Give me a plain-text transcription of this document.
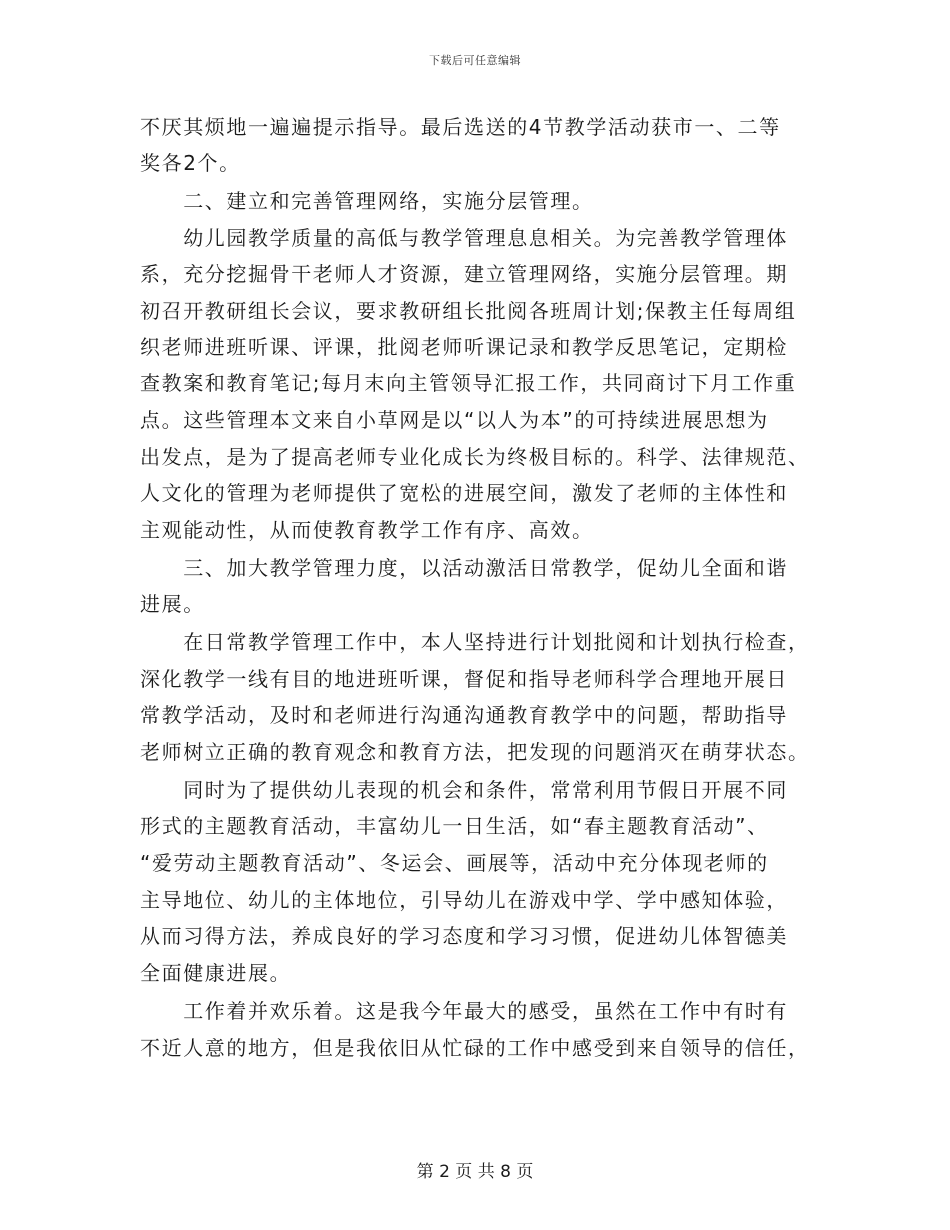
下载后可任意编辑
不厌其烦地一遍遍提示指导。最后选送的4节教学活动获市一、二等
奖各2个。
　　二、建立和完善管理网络，实施分层管理。
　　幼儿园教学质量的高低与教学管理息息相关。为完善教学管理体
系，充分挖掘骨干老师人才资源，建立管理网络，实施分层管理。期
初召开教研组长会议，要求教研组长批阅各班周计划;保教主任每周组
织老师进班听课、评课，批阅老师听课记录和教学反思笔记，定期检
查教案和教育笔记;每月末向主管领导汇报工作，共同商讨下月工作重
点。这些管理本文来自小草网是以“以人为本”的可持续进展思想为
出发点，是为了提高老师专业化成长为终极目标的。科学、法律规范、
人文化的管理为老师提供了宽松的进展空间，激发了老师的主体性和
主观能动性，从而使教育教学工作有序、高效。
　　三、加大教学管理力度，以活动激活日常教学，促幼儿全面和谐
进展。
　　在日常教学管理工作中，本人坚持进行计划批阅和计划执行检查，
深化教学一线有目的地进班听课，督促和指导老师科学合理地开展日
常教学活动，及时和老师进行沟通沟通教育教学中的问题，帮助指导
老师树立正确的教育观念和教育方法，把发现的问题消灭在萌芽状态。
　　同时为了提供幼儿表现的机会和条件，常常利用节假日开展不同
形式的主题教育活动，丰富幼儿一日生活，如“春主题教育活动”、
“爱劳动主题教育活动”、冬运会、画展等，活动中充分体现老师的
主导地位、幼儿的主体地位，引导幼儿在游戏中学、学中感知体验，
从而习得方法，养成良好的学习态度和学习习惯，促进幼儿体智德美
全面健康进展。
　　工作着并欢乐着。这是我今年最大的感受，虽然在工作中有时有
不近人意的地方，但是我依旧从忙碌的工作中感受到来自领导的信任，
第 2 页 共 8 页
